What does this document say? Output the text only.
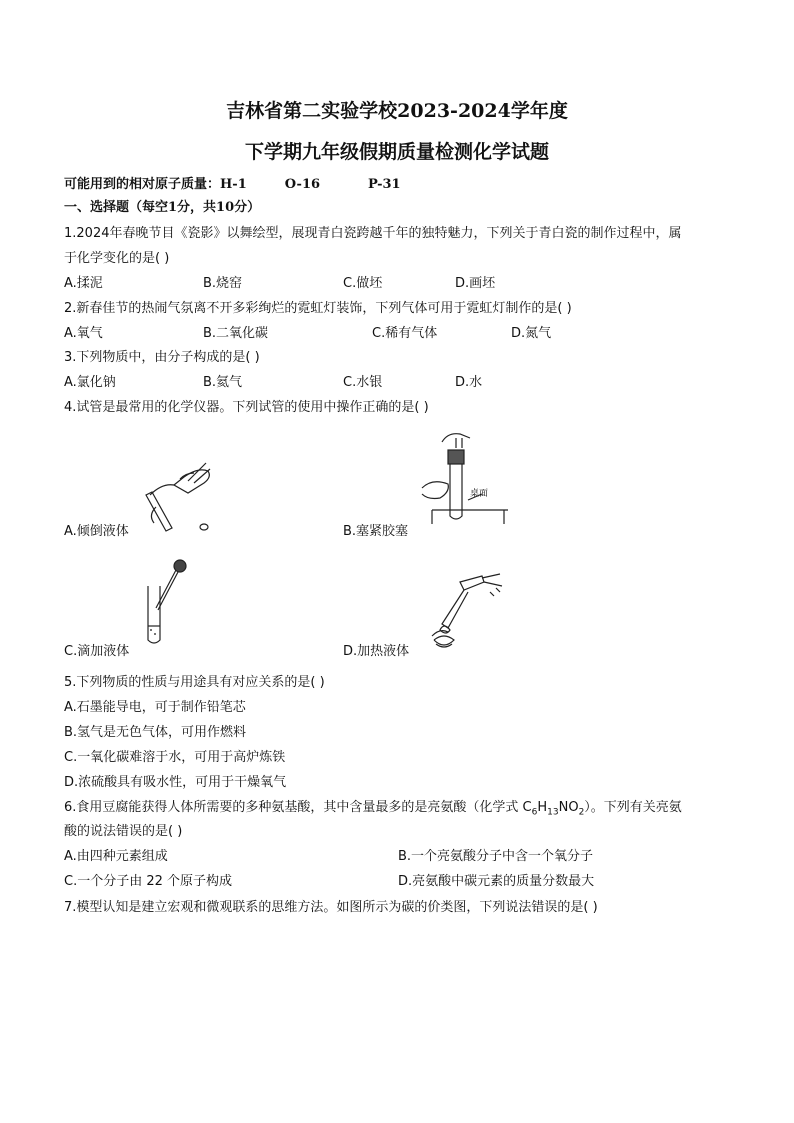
吉林省第二实验学校2023-2024学年度
下学期九年级假期质量检测化学试题
可能用到的相对原子质量：H-1	O-16	P-31
一、选择题（每空1分，共10分）
1.2024年春晚节目《瓷影》以舞绘型，展现青白瓷跨越千年的独特魅力，下列关于青白瓷的制作过程中，属
于化学变化的是( )
A.揉泥	B.烧窑	C.做坯	D.画坯
2.新春佳节的热闹气氛离不开多彩绚烂的霓虹灯装饰，下列气体可用于霓虹灯制作的是( )
A.氧气	B.二氧化碳	C.稀有气体	D.氮气
3.下列物质中，由分子构成的是( )
A.氯化钠	B.氦气	C.水银	D.水
4.试管是最常用的化学仪器。下列试管的使用中操作正确的是( )
A.倾倒液体
桌面
B.塞紧胶塞
C.滴加液体	D.加热液体
5.下列物质的性质与用途具有对应关系的是( )
A.石墨能导电，可于制作铅笔芯
B.氢气是无色气体，可用作燃料
C.一氧化碳难溶于水，可用于高炉炼铁
D.浓硫酸具有吸水性，可用于干燥氧气
6.食用豆腐能获得人体所需要的多种氨基酸，其中含量最多的是亮氨酸（化学式 $C_6H_{13}NO_2$）。下列有关亮氨
酸的说法错误的是( )
A.由四种元素组成	B.一个亮氨酸分子中含一个氧分子
C.一个分子由 22 个原子构成	D.亮氨酸中碳元素的质量分数最大
7.模型认知是建立宏观和微观联系的思维方法。如图所示为碳的价类图，下列说法错误的是( )
